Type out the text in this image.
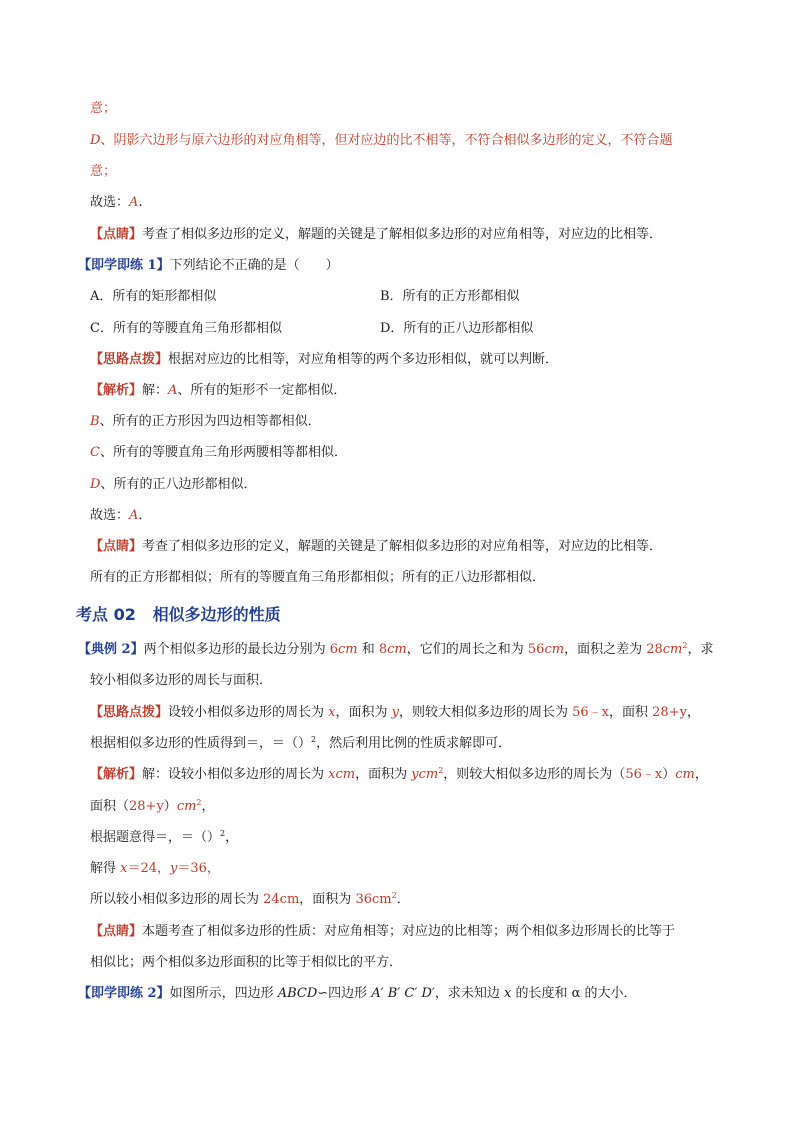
意；
D、阴影六边形与原六边形的对应角相等，但对应边的比不相等，不符合相似多边形的定义，不符合题
意；
故选：A.
【点睛】考查了相似多边形的定义，解题的关键是了解相似多边形的对应角相等，对应边的比相等．
【即学即练 1】下列结论不正确的是（　　）
A．所有的矩形都相似	B．所有的正方形都相似
C．所有的等腰直角三角形都相似	D．所有的正八边形都相似
【思路点拨】根据对应边的比相等，对应角相等的两个多边形相似，就可以判断．
【解析】解：A、所有的矩形不一定都相似．
B、所有的正方形因为四边相等都相似．
C、所有的等腰直角三角形两腰相等都相似．
D、所有的正八边形都相似．
故选：A．
【点睛】考查了相似多边形的定义，解题的关键是了解相似多边形的对应角相等，对应边的比相等．
所有的正方形都相似；所有的等腰直角三角形都相似；所有的正八边形都相似．
考点 02 相似多边形的性质
【典例 2】两个相似多边形的最长边分别为 6cm 和 8cm，它们的周长之和为 56cm，面积之差为 $28cm^2$，求
较小相似多边形的周长与面积．
【思路点拨】设较小相似多边形的周长为 x，面积为 y，则较大相似多边形的周长为 56﹣x，面积 28+y，
根据相似多边形的性质得到＝，＝（）$^2$，然后利用比例的性质求解即可．
【解析】解：设较小相似多边形的周长为 xcm，面积为 ycm$^2$，则较大相似多边形的周长为（56﹣x）cm，
面积$(28+y)cm^2$，
根据题意得＝，＝（）$^2$，
解得 x＝24，y＝36，
所以较小相似多边形的周长为 24cm，面积为 $36cm^2$．
【点睛】本题考查了相似多边形的性质：对应角相等；对应边的比相等；两个相似多边形周长的比等于
相似比；两个相似多边形面积的比等于相似比的平方．
【即学即练 2】如图所示，四边形 ABCD∽四边形 A′ B′ C′ D′，求未知边 x 的长度和 α 的大小．
